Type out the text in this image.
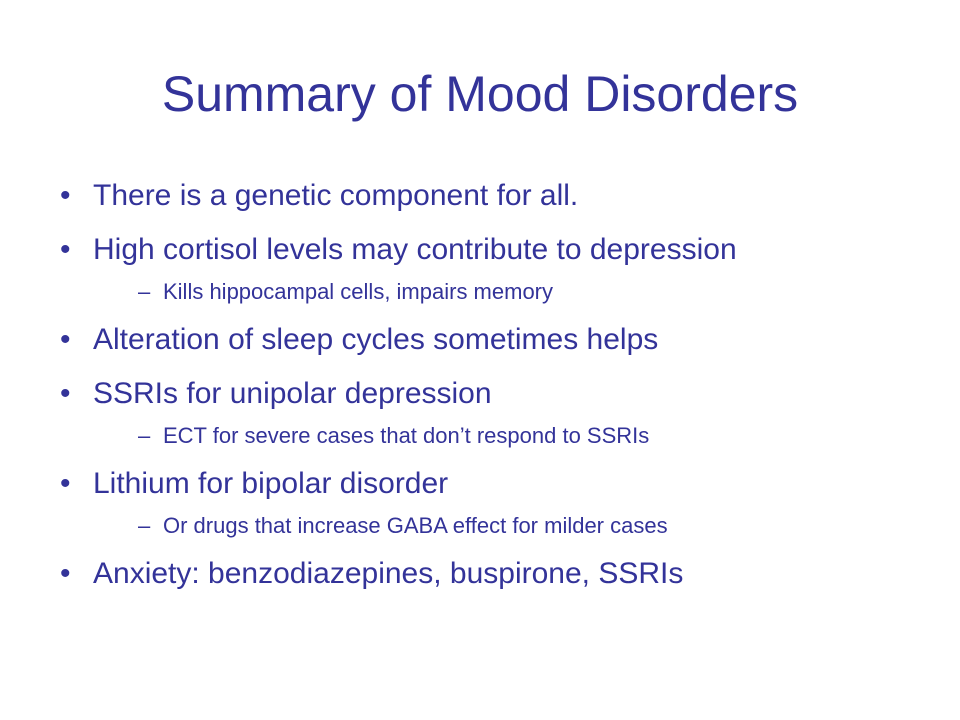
Summary of Mood Disorders
• There is a genetic component for all.
• High cortisol levels may contribute to depression
– Kills hippocampal cells, impairs memory
• Alteration of sleep cycles sometimes helps
• SSRIs for unipolar depression
– ECT for severe cases that don’t respond to SSRIs
• Lithium for bipolar disorder
– Or drugs that increase GABA effect for milder cases
• Anxiety: benzodiazepines, buspirone, SSRIs
